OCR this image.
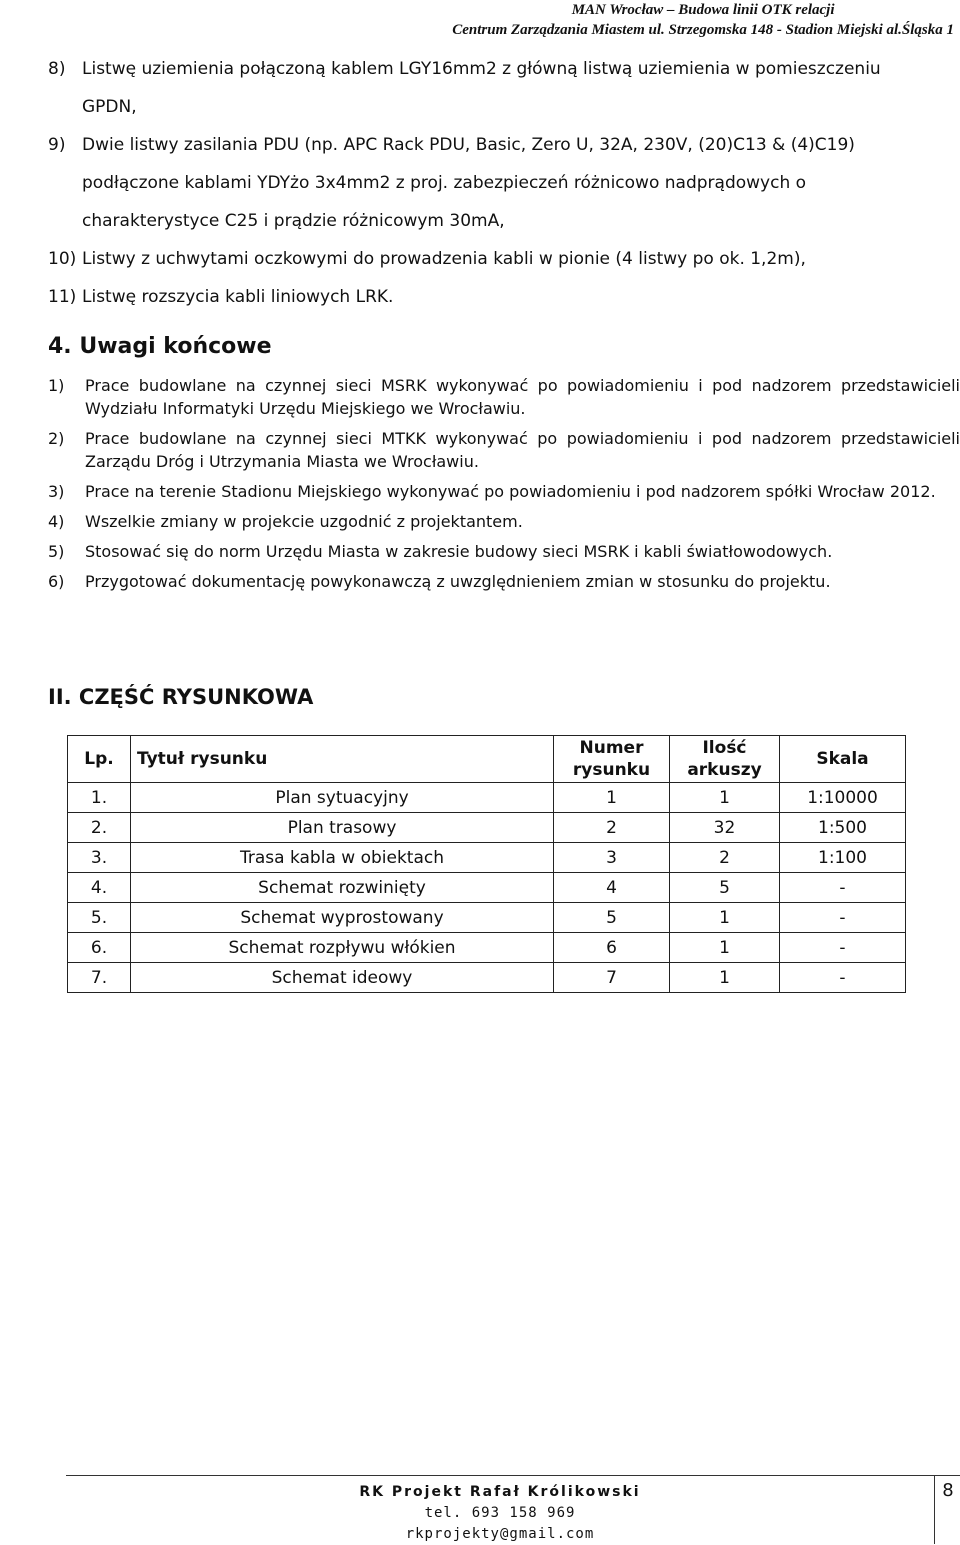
MAN Wrocław – Budowa linii OTK relacji
Centrum Zarządzania Miastem ul. Strzegomska 148 - Stadion Miejski al.Śląska 1
8) Listwę uziemienia połączoną kablem LGY16mm2 z główną listwą uziemienia w pomieszczeniu
GPDN,
9) Dwie listwy zasilania PDU (np. APC Rack PDU, Basic, Zero U, 32A, 230V, (20)C13 & (4)C19)
podłączone kablami YDYżo 3x4mm2 z proj. zabezpieczeń różnicowo nadprądowych o
charakterystyce C25 i prądzie różnicowym 30mA,
10) Listwy z uchwytami oczkowymi do prowadzenia kabli w pionie (4 listwy po ok. 1,2m),
11) Listwę rozszycia kabli liniowych LRK.
4. Uwagi końcowe
1)	Prace budowlane na czynnej sieci MSRK wykonywać po powiadomieniu i pod nadzorem przedstawicieli Wydziału Informatyki Urzędu Miejskiego we Wrocławiu.
2)	Prace budowlane na czynnej sieci MTKK wykonywać po powiadomieniu i pod nadzorem przedstawicieli Zarządu Dróg i Utrzymania Miasta we Wrocławiu.
3)	Prace na terenie Stadionu Miejskiego wykonywać po powiadomieniu i pod nadzorem spółki Wrocław 2012.
4)	Wszelkie zmiany w projekcie uzgodnić z projektantem.
5)	Stosować się do norm Urzędu Miasta w zakresie budowy sieci MSRK i kabli światłowodowych.
6)	Przygotować dokumentację powykonawczą z uwzględnieniem zmian w stosunku do projektu.
II. CZĘŚĆ RYSUNKOWA
Lp.	Tytuł rysunku	Numer rysunku	Ilość arkuszy	Skala
1.	Plan sytuacyjny	1	1	1:10000
2.	Plan trasowy	2	32	1:500
3.	Trasa kabla w obiektach	3	2	1:100
4.	Schemat rozwinięty	4	5	-
5.	Schemat wyprostowany	5	1	-
6.	Schemat rozpływu włókien	6	1	-
7.	Schemat ideowy	7	1	-
RK Projekt Rafał Królikowski
tel. 693 158 969
rkprojekty@gmail.com
8
